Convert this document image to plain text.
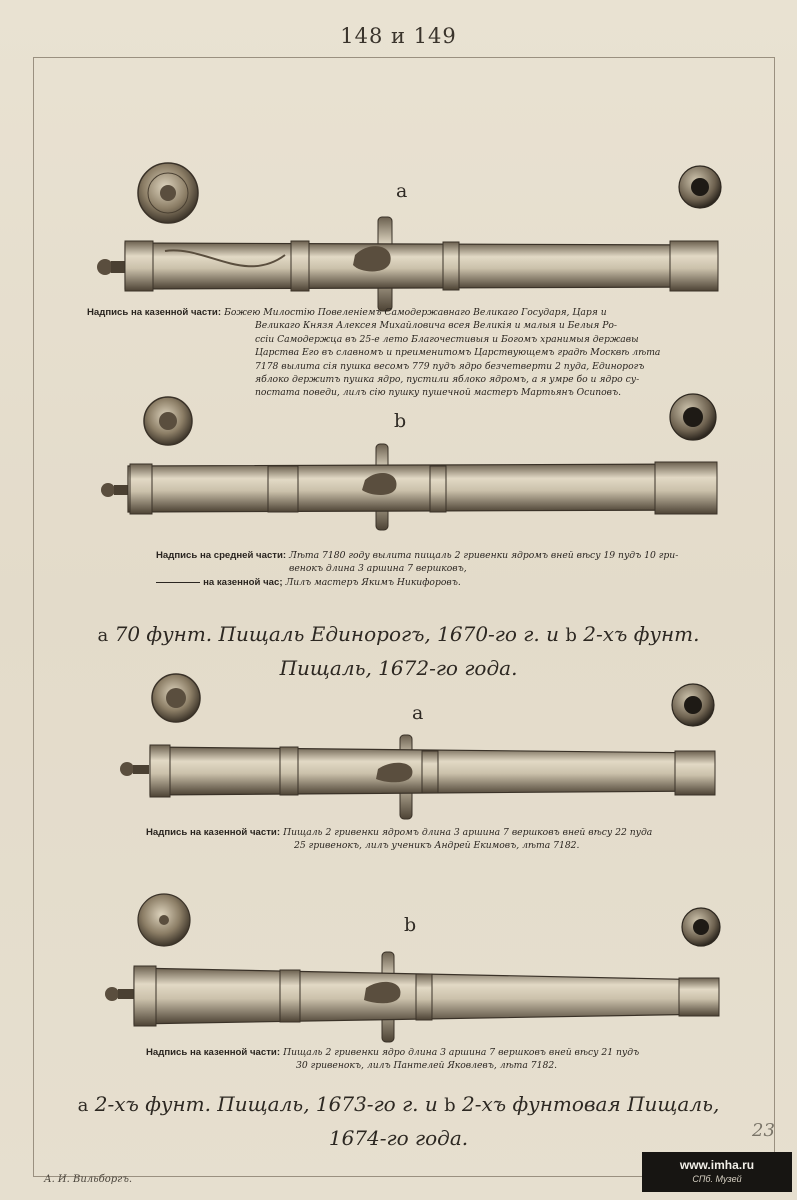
148 и 149
a
Надпись на казенной части: Божею Милостію Повеленіемъ Самодержавнаго Великаго Государя, Царя и
Великаго Князя Алексея Михайловича всея Великія и малыя и Белыя Ро-
ссіи Самодержца въ 25-е лето Благочестивыя и Богомъ хранимыя державы
Царства Его въ славномъ и преименитомъ Царствующемъ градѣ Москвѣ лѣта
7178 вылита сія пушка весомъ 779 пудъ ядро безчетверти 2 пуда, Единорогъ
яблоко держитъ пушка ядро, пустили яблоко ядромъ, а я умре бо и ядро су-
постата поведи, лилъ сію пушку пушечной мастеръ Мартьянъ Осиповъ.
b
Надпись на средней части: Лѣта 7180 году вылита пищаль 2 гривенки ядромъ вней вѣсу 19 пудъ 10 гри-
венокъ длина 3 аршина 7 вершковъ,
на казенной час; Лилъ мастеръ Якимъ Никифоровъ.
a 70 фунт. Пищаль Единорогъ, 1670-го г. и b 2-хъ фунт.
Пищаль, 1672-го года.
a
Надпись на казенной части: Пищаль 2 гривенки ядромъ длина 3 аршина 7 вершковъ вней вѣсу 22 пуда
25 гривенокъ, лилъ ученикъ Андрей Екимовъ, лѣта 7182.
b
Надпись на казенной части: Пищаль 2 гривенки ядро длина 3 аршина 7 вершковъ вней вѣсу 21 пудъ
30 гривенокъ, лилъ Пантелей Яковлевъ, лѣта 7182.
a 2-хъ фунт. Пищаль, 1673-го г. и b 2-хъ фунтовая Пищаль,
1674-го года.
А. И. Вильборгъ.
23
www.imha.ru
СПб. Музей
